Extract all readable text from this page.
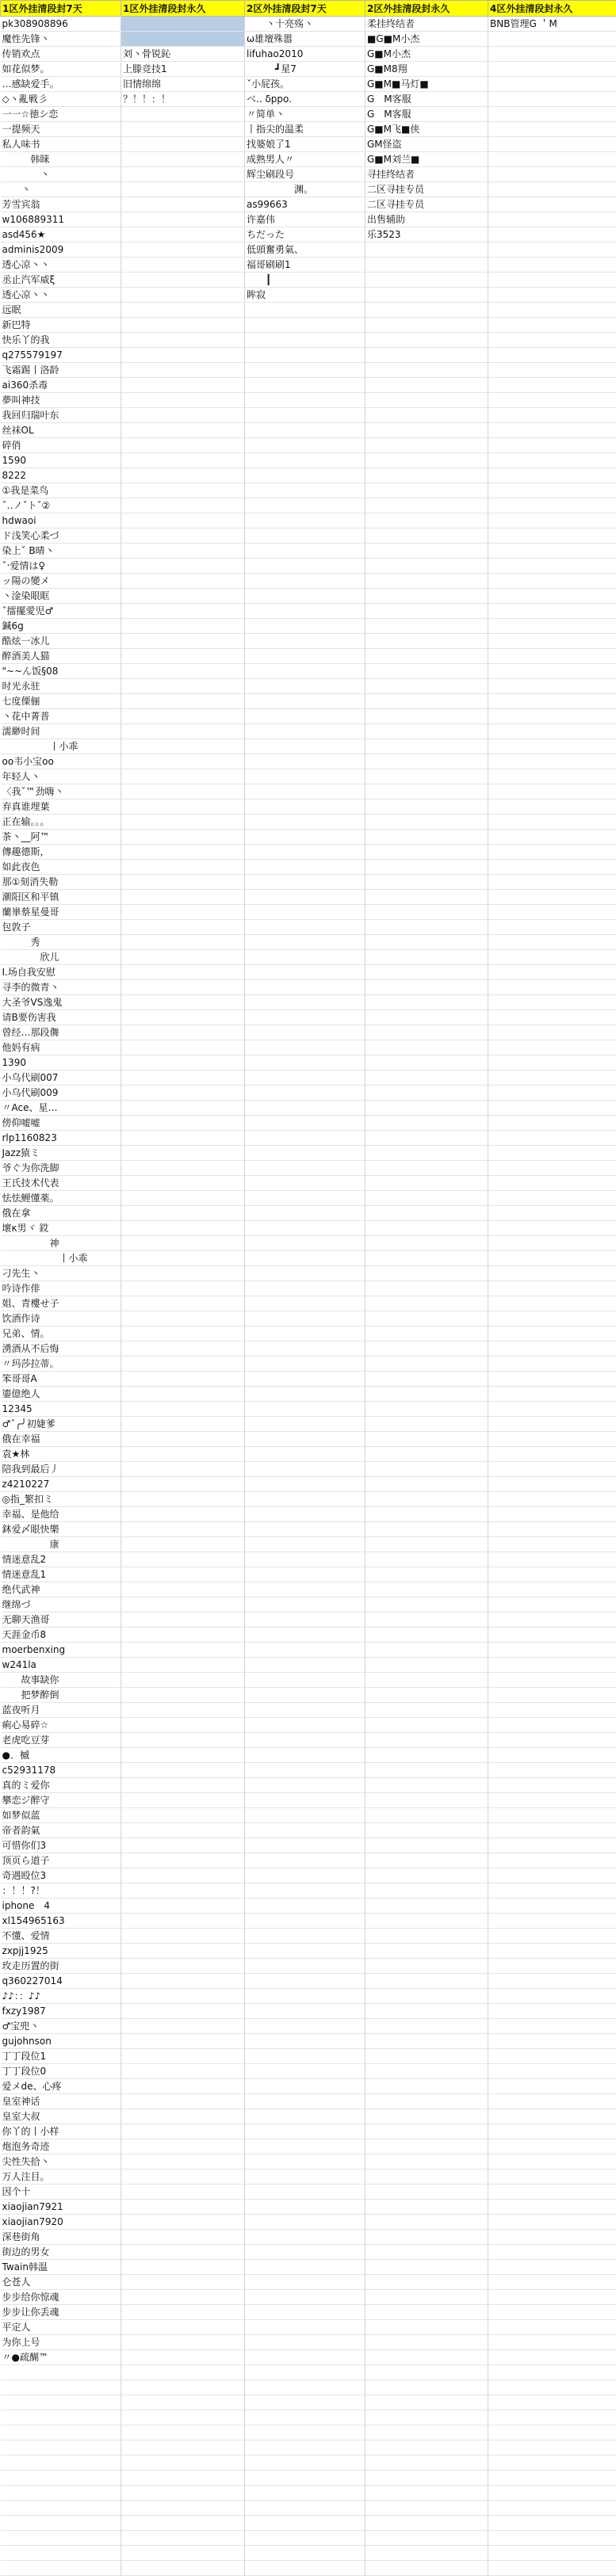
1区外挂清段封7天	1区外挂清段封永久	2区外挂清段封7天	2区外挂清段封永久	4区外挂清段封永久
pk308908896		　　丶十亮殇丶	柔挂终结者	BNB管理G ＇M
魔性先锋丶		ω雄壇殊嚣	■G■M小杰	
传销欢点	刘丶骨锐鈊	lifuhao2010	G■M小杰	
如花似梦。	上滕竞技1	　　　┛星7	G■M8翔	
…感缺爱手。	旧情绵绵	ˇ小屁孩。	G■M■马灯■	
◇丶亂戦彡	？！！：！	ベ.. δppo.	G　M客服	
一一☆徳シ恋		〃简单丶	G　M客服	
一提频天		丨指尖的温柔	G■M飞■侠	
私人味书		找婆娘了1	GM怪盗	
　　　韩睐		成熟男人〃	G■M刘兰■	
　　　　丶		辉尘刷段号	寻挂终结者	
　　丶		　　　　　渊。	二区寻挂专员	
芳雪宾翁		as99663	二区寻挂专员	
w106889311		许嘉伟	出售辅助	
asd456★		ちだった	乐3523	
adminis2009		低頭奮勇氣、		
透心凉丶丶		福哥刷刷1		
丞止汽军威ξ		　　┃		
透心凉丶丶		眸寂		
远眠				
新巴特				
快乐丫的我				
q275579197				
飞霜踢丨洛龄				
ai360杀毒				
夢叫神技				
我回归瑞叶东				
丝袜OL				
碎俏				
1590				
8222				
①我是菜鸟				
ˇ‥ノˇトˇ②				
hdwaoi				
ド浅笑心柔づ				
染上ˇ B晴丶				
ˇ‧爱情は♀				
ッ陽の變メ				
丶淦染眼眶				
ˇ擂擺愛児♂				
鍼6g				
酷炫一冰儿				
醉酒美人猫				
"~~ん饭§08				
时光永驻				
七度傈俪				
丶花中菁普				
濡緲时间				
　　　　　丨小乖				
oo韦小宝oo				
年轻人丶				
〈我ˇ™劲嗨丶				
弃真谁埋葉				
正在输。。。				
茶丶__阿™				
傳趣德斯，				
如此夜色				
那①刻消失勒				
潮阳区和平镇				
蘭崋蔡星曼哥				
包敦子				
　　　秀				
　　　　欣儿				
Ⅰ.场自我安慰				
寻李的微青丶				
大圣爷VS逸鬼				
请B要伤害我				
曾经…那段儛				
他妈有病				
1390				
小乌代刷007				
小乌代刷009				
〃Ace、星…				
傍仰嘘嘘				
rlp1160823				
Jazz猿ミ				
爷ぐ为你洗脚				
王氏技术代表				
怯怯鯉懂薬。				
俄在拿				
壞κ男ヾ 銰				
　　　　　神				
　　　　　　丨小乖				
刁先生丶				
吟诗作俳				
姐、青樓せ子				
饮酒作诗				
兄弟、情。				
湧酒从不后悔				
〃玛莎拉蒂。				
笨哥哥A				
鎏億绝人				
12345				
♂ˇ╭╯初婕爹				
俄在幸福				
袁★林				
陪我到最后丿				
z4210227				
◎指_繁扣ミ				
幸福、是他给				
鈢爱〆眼快樂				
　　　　　康				
情迷意乱2				
情迷意乱1				
绝代武神				
继绵づ				
无聊天渔哥				
天涯金币8				
moerbenxing				
w241la				
　　故事缺你				
　　把梦醉倒				
蓝夜听月				
痢心易碎☆				
老虎吃豆芽				
●．槭				
c52931178				
真的ミ爱你				
攀恋ジ醉守				
如梦似蓝				
帝者韵氣				
可惜你们3				
顶页ら道子				
奇遇殴位3				
：！！?！				
iphone　4				
xl154965163				
不懂、爱情				
zxpjj1925				
玫走历置的街				
q360227014				
♪♪：：♪♪				
fxzy1987				
♂宝兜丶				
gujohnson				
丁丁段位1				
丁丁段位0				
爱メde、心疼				
皇室神话				
皇室大叔				
你丫的丨小样				
炮泡务奇迹				
尖性失拾丶				
万人注目。				
因个十				
xiaojian7921				
xiaojian7920				
深巷街角				
街边的男女				
Twain韩温				
仑苍人				
步步给你惊魂				
步步让你丢魂				
平定人				
为你上号				
〃●疏醐™				
